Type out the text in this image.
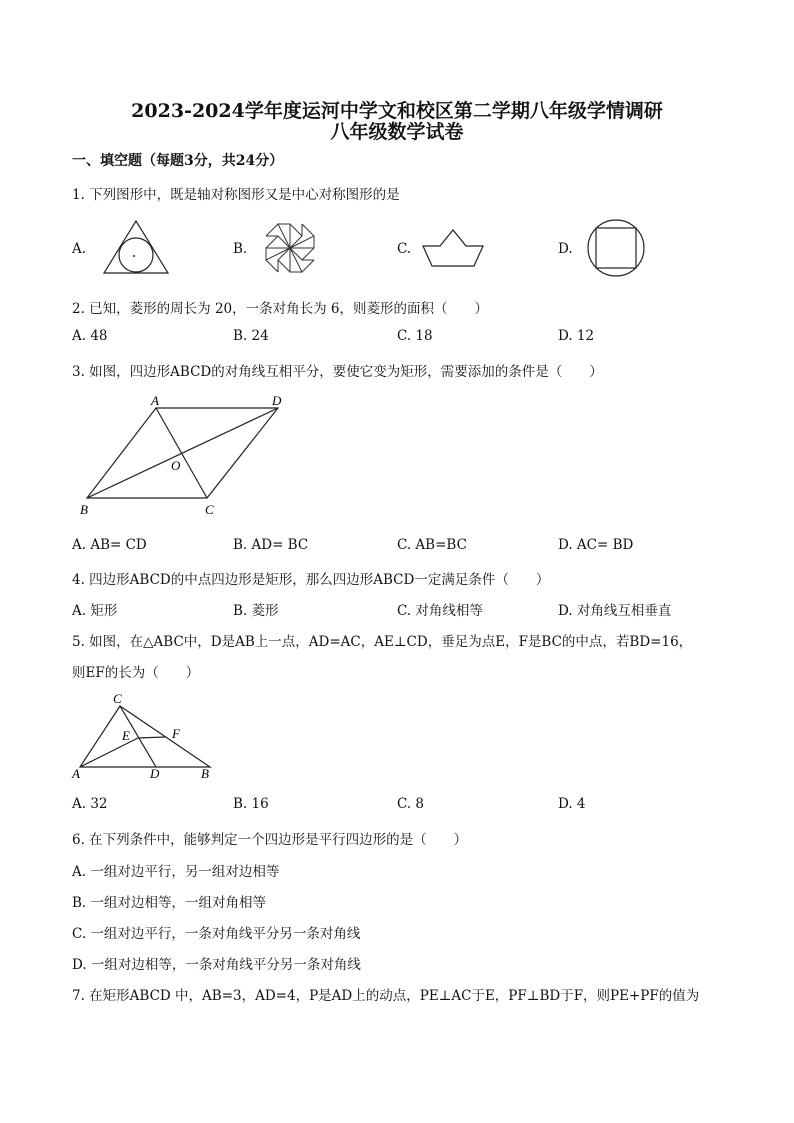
2023-2024学年度运河中学文和校区第二学期八年级学情调研
八年级数学试卷
一、填空题（每题3分，共24分）
1. 下列图形中，既是轴对称图形又是中心对称图形的是
A.	B.	C.	D.
2. 已知，菱形的周长为 20，一条对角长为 6，则菱形的面积（　　）
A. 48	B. 24	C. 18	D. 12
3. 如图，四边形ABCD的对角线互相平分，要使它变为矩形，需要添加的条件是（　　）
A	D
O
B	C
A. AB= CD	B. AD= BC	C. AB=BC	D. AC= BD
4. 四边形ABCD的中点四边形是矩形，那么四边形ABCD一定满足条件（　　）
A. 矩形	B. 菱形	C. 对角线相等	D. 对角线互相垂直
5. 如图，在△ABC中，D是AB上一点，AD=AC，AE⊥CD，垂足为点E，F是BC的中点，若BD=16，
则EF的长为（　　）
C
E	F
A	D	B
A. 32	B. 16	C. 8	D. 4
6. 在下列条件中，能够判定一个四边形是平行四边形的是（　　）
A. 一组对边平行，另一组对边相等
B. 一组对边相等，一组对角相等
C. 一组对边平行，一条对角线平分另一条对角线
D. 一组对边相等，一条对角线平分另一条对角线
7. 在矩形ABCD 中，AB=3，AD=4，P是AD上的动点，PE⊥AC于E，PF⊥BD于F，则PE+PF的值为
